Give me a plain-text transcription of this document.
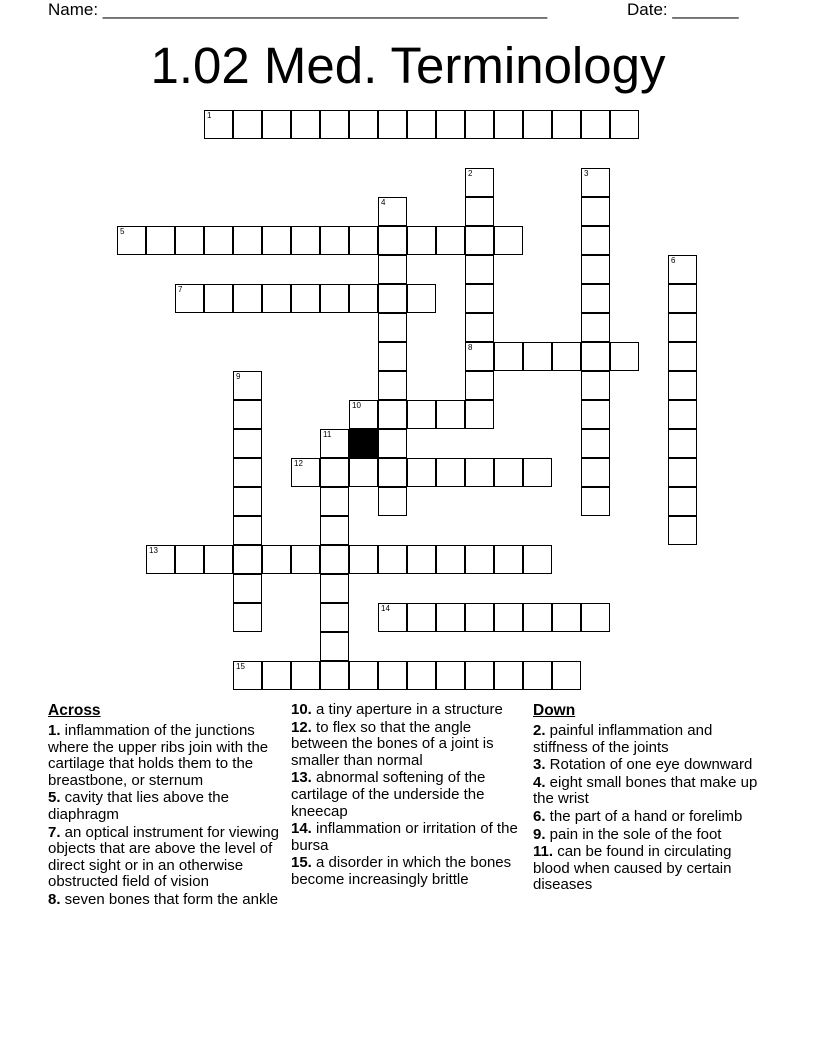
Name: _______________________________________________	Date: _______
1.02 Med. Terminology
1
2
8
3
4
5
6
7
9
10
11
12
13
14
15
Across
1. inflammation of the junctions where the upper ribs join with the cartilage that holds them to the breastbone, or sternum
5. cavity that lies above the diaphragm
7. an optical instrument for viewing objects that are above the level of direct sight or in an otherwise obstructed field of vision
8. seven bones that form the ankle
10. a tiny aperture in a structure
12. to flex so that the angle between the bones of a joint is smaller than normal
13. abnormal softening of the cartilage of the underside the kneecap
14. inflammation or irritation of the bursa
15. a disorder in which the bones become increasingly brittle
Down
2. painful inflammation and stiffness of the joints
3. Rotation of one eye downward
4. eight small bones that make up the wrist
6. the part of a hand or forelimb
9. pain in the sole of the foot
11. can be found in circulating blood when caused by certain diseases
